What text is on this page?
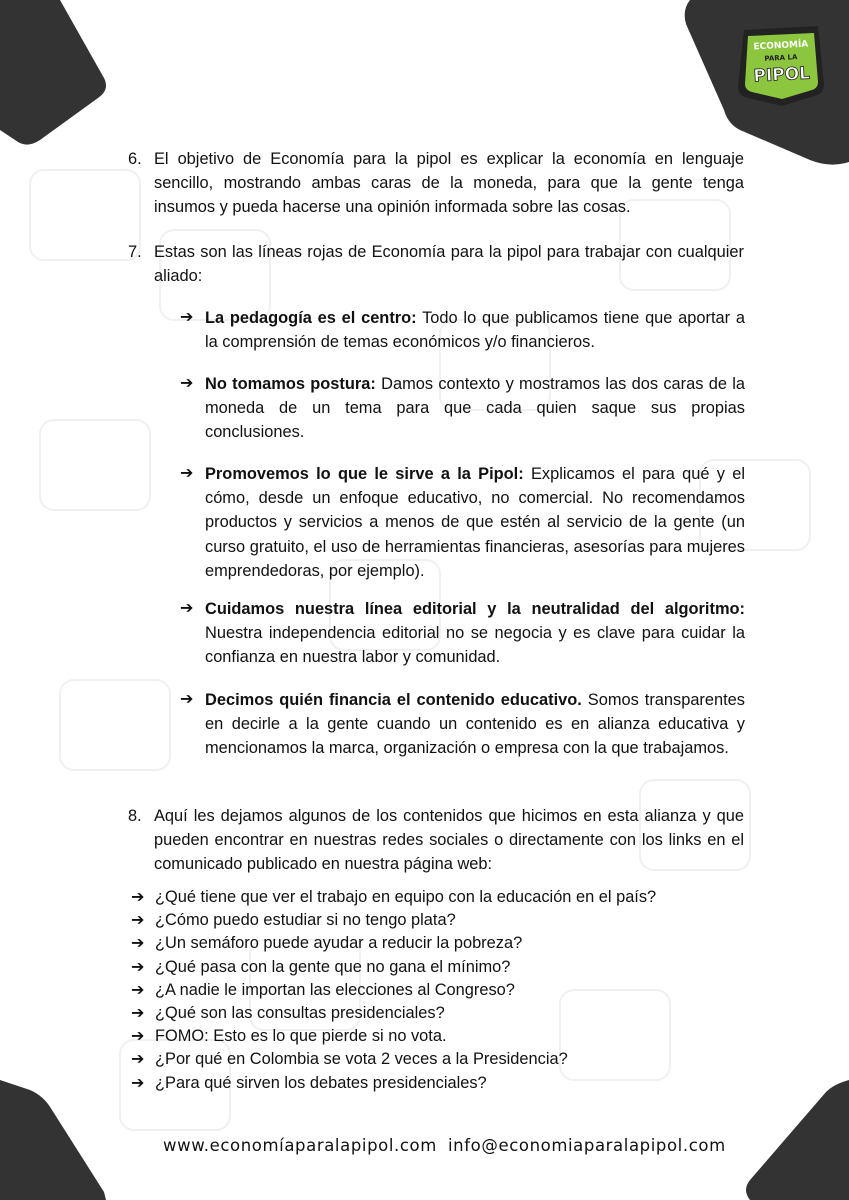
ECONOMÍA
PARA LA
PIPOL
6. El objetivo de Economía para la pipol es explicar la economía en lenguaje sencillo, mostrando ambas caras de la moneda, para que la gente tenga insumos y pueda hacerse una opinión informada sobre las cosas.

7. Estas son las líneas rojas de Economía para la pipol para trabajar con cualquier aliado:

➔ La pedagogía es el centro: Todo lo que publicamos tiene que aportar a la comprensión de temas económicos y/o financieros.

➔ No tomamos postura: Damos contexto y mostramos las dos caras de la moneda de un tema para que cada quien saque sus propias conclusiones.

➔ Promovemos lo que le sirve a la Pipol: Explicamos el para qué y el cómo, desde un enfoque educativo, no comercial. No recomendamos productos y servicios a menos de que estén al servicio de la gente (un curso gratuito, el uso de herramientas financieras, asesorías para mujeres emprendedoras, por ejemplo).

➔ Cuidamos nuestra línea editorial y la neutralidad del algoritmo: Nuestra independencia editorial no se negocia y es clave para cuidar la confianza en nuestra labor y comunidad.

➔ Decimos quién financia el contenido educativo. Somos transparentes en decirle a la gente cuando un contenido es en alianza educativa y mencionamos la marca, organización o empresa con la que trabajamos.

8. Aquí les dejamos algunos de los contenidos que hicimos en esta alianza y que pueden encontrar en nuestras redes sociales o directamente con los links en el comunicado publicado en nuestra página web:

➔ ¿Qué tiene que ver el trabajo en equipo con la educación en el país?
➔ ¿Cómo puedo estudiar si no tengo plata?
➔ ¿Un semáforo puede ayudar a reducir la pobreza?
➔ ¿Qué pasa con la gente que no gana el mínimo?
➔ ¿A nadie le importan las elecciones al Congreso?
➔ ¿Qué son las consultas presidenciales?
➔ FOMO: Esto es lo que pierde si no vota.
➔ ¿Por qué en Colombia se vota 2 veces a la Presidencia?
➔ ¿Para qué sirven los debates presidenciales?
www.economíaparalapipol.com info@economiaparalapipol.com
